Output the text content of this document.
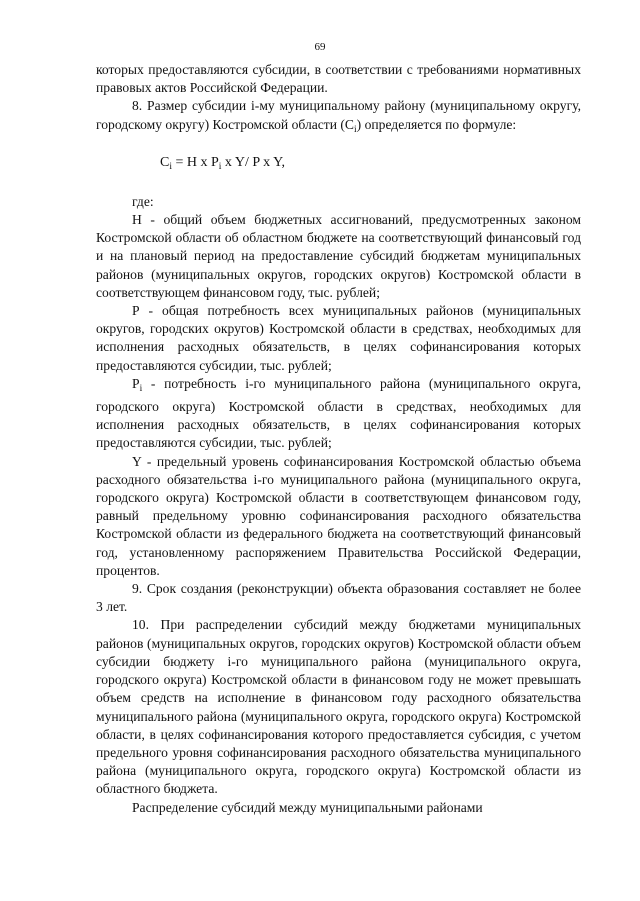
69

которых предоставляются субсидии, в соответствии с требованиями нормативных правовых актов Российской Федерации.

8. Размер субсидии i-му муниципальному району (муниципальному округу, городскому округу) Костромской области $(C_i)$ определяется по формуле:

$C_i = H$ x $P_i$ x Y/ P x Y,

где:

Н - общий объем бюджетных ассигнований, предусмотренных законом Костромской области об областном бюджете на соответствующий финансовый год и на плановый период на предоставление субсидий бюджетам муниципальных районов (муниципальных округов, городских округов) Костромской области в соответствующем финансовом году, тыс. рублей;

Р - общая потребность всех муниципальных районов (муниципальных округов, городских округов) Костромской области в средствах, необходимых для исполнения расходных обязательств, в целях софинансирования которых предоставляются субсидии, тыс. рублей;

$Р_i$ - потребность i-го муниципального района (муниципального округа, городского округа) Костромской области в средствах, необходимых для исполнения расходных обязательств, в целях софинансирования которых предоставляются субсидии, тыс. рублей;

Y - предельный уровень софинансирования Костромской областью объема расходного обязательства i-го муниципального района (муниципального округа, городского округа) Костромской области в соответствующем финансовом году, равный предельному уровню софинансирования расходного обязательства Костромской области из федерального бюджета на соответствующий финансовый год, установленному распоряжением Правительства Российской Федерации, процентов.

9. Срок создания (реконструкции) объекта образования составляет не более 3 лет.

10. При распределении субсидий между бюджетами муниципальных районов (муниципальных округов, городских округов) Костромской области объем субсидии бюджету i-го муниципального района (муниципального округа, городского округа) Костромской области в финансовом году не может превышать объем средств на исполнение в финансовом году расходного обязательства муниципального района (муниципального округа, городского округа) Костромской области, в целях софинансирования которого предоставляется субсидия, с учетом предельного уровня софинансирования расходного обязательства муниципального района (муниципального округа, городского округа) Костромской области из областного бюджета.

Распределение субсидий между муниципальными районами
